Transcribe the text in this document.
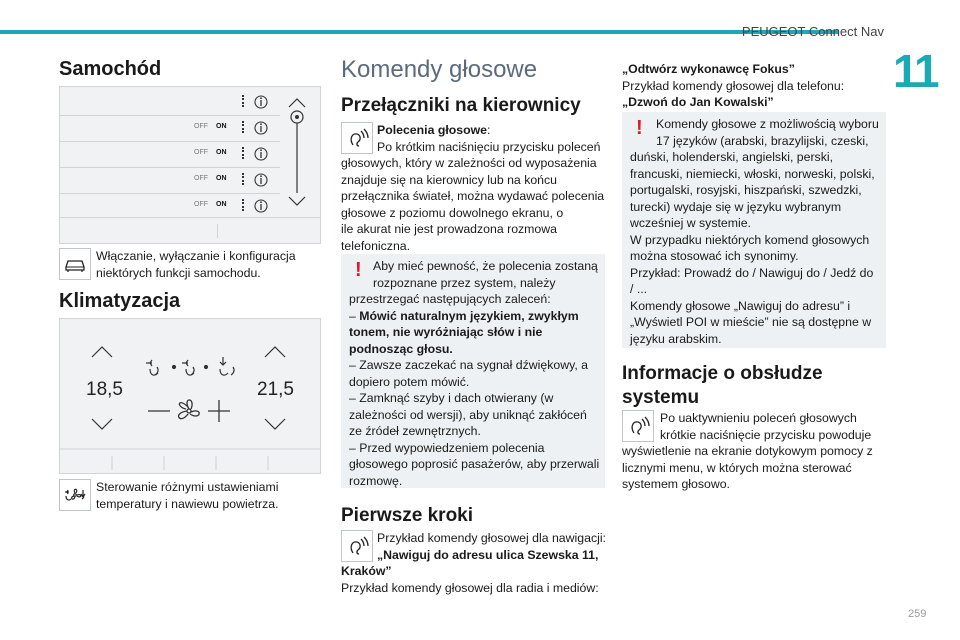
PEUGEOT Connect Nav
11
259
Samochód
OFF ON
OFF ON
OFF ON
OFF ON
Włączanie, wyłączanie i konfiguracja
niektórych funkcji samochodu.
Klimatyzacja
18,5	21,5
Sterowanie różnymi ustawieniami
temperatury i nawiewu powietrza.
Komendy głosowe
Przełączniki na kierownicy
Polecenia głosowe:
Po krótkim naciśnięciu przycisku poleceń
głosowych, który w zależności od wyposażenia
znajduje się na kierownicy lub na końcu
przełącznika świateł, można wydawać polecenia
głosowe z poziomu dowolnego ekranu, o
ile akurat nie jest prowadzona rozmowa
telefoniczna.
! Aby mieć pewność, że polecenia zostaną
rozpoznane przez system, należy
przestrzegać następujących zaleceń:
– Mówić naturalnym językiem, zwykłym
tonem, nie wyróżniając słów i nie
podnosząc głosu.
– Zawsze zaczekać na sygnał dźwiękowy, a
dopiero potem mówić.
– Zamknąć szyby i dach otwierany (w
zależności od wersji), aby uniknąć zakłóceń
ze źródeł zewnętrznych.
– Przed wypowiedzeniem polecenia
głosowego poprosić pasażerów, aby przerwali
rozmowę.
Pierwsze kroki
Przykład komendy głosowej dla nawigacji:
„Nawiguj do adresu ulica Szewska 11,
Kraków”
Przykład komendy głosowej dla radia i mediów:
„Odtwórz wykonawcę Fokus”
Przykład komendy głosowej dla telefonu:
„Dzwoń do Jan Kowalski”
!	Komendy głosowe z możliwością wyboru
17 języków (arabski, brazylijski, czeski,
duński, holenderski, angielski, perski,
francuski, niemiecki, włoski, norweski, polski,
portugalski, rosyjski, hiszpański, szwedzki,
turecki) wydaje się w języku wybranym
wcześniej w systemie.
W przypadku niektórych komend głosowych
można stosować ich synonimy.
Przykład: Prowadź do / Nawiguj do / Jedź do
/ ...
Komendy głosowe „Nawiguj do adresu” i
„Wyświetl POI w mieście” nie są dostępne w
języku arabskim.
Informacje o obsłudze
systemu
Po uaktywnieniu poleceń głosowych
krótkie naciśnięcie przycisku powoduje
wyświetlenie na ekranie dotykowym pomocy z
licznymi menu, w których można sterować
systemem głosowo.
